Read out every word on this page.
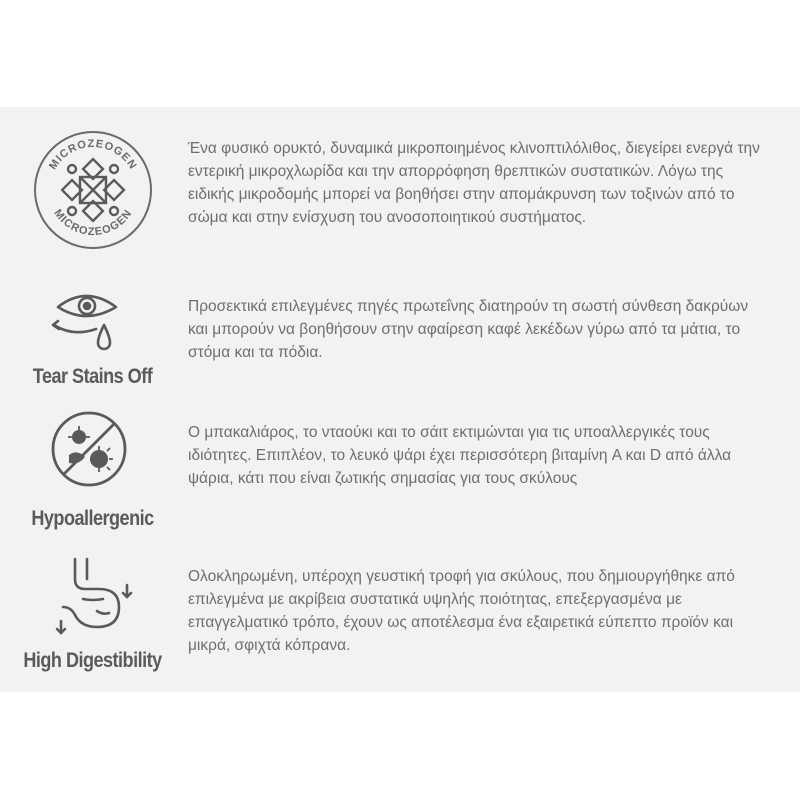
MICROZEOGEN
MICROZEOGEN

Ένα φυσικό ορυκτό, δυναμικά μικροποιημένος κλινοπτιλόλιθος, διεγείρει ενεργά την εντερική μικροχλωρίδα και την απορρόφηση θρεπτικών συστατικών. Λόγω της ειδικής μικροδομής μπορεί να βοηθήσει στην απομάκρυνση των τοξινών από το σώμα και στην ενίσχυση του ανοσοποιητικού συστήματος.

Tear Stains Off

Προσεκτικά επιλεγμένες πηγές πρωτεΐνης διατηρούν τη σωστή σύνθεση δακρύων και μπορούν να βοηθήσουν στην αφαίρεση καφέ λεκέδων γύρω από τα μάτια, το στόμα και τα πόδια.

Hypoallergenic

Ο μπακαλιάρος, το νταούκι και το σάιτ εκτιμώνται για τις υποαλλεργικές τους ιδιότητες. Επιπλέον, το λευκό ψάρι έχει περισσότερη βιταμίνη A και D από άλλα ψάρια, κάτι που είναι ζωτικής σημασίας για τους σκύλους

High Digestibility

Ολοκληρωμένη, υπέροχη γευστική τροφή για σκύλους, που δημιουργήθηκε από επιλεγμένα με ακρίβεια συστατικά υψηλής ποιότητας, επεξεργασμένα με επαγγελματικό τρόπο, έχουν ως αποτέλεσμα ένα εξαιρετικά εύπεπτο προϊόν και μικρά, σφιχτά κόπρανα.
